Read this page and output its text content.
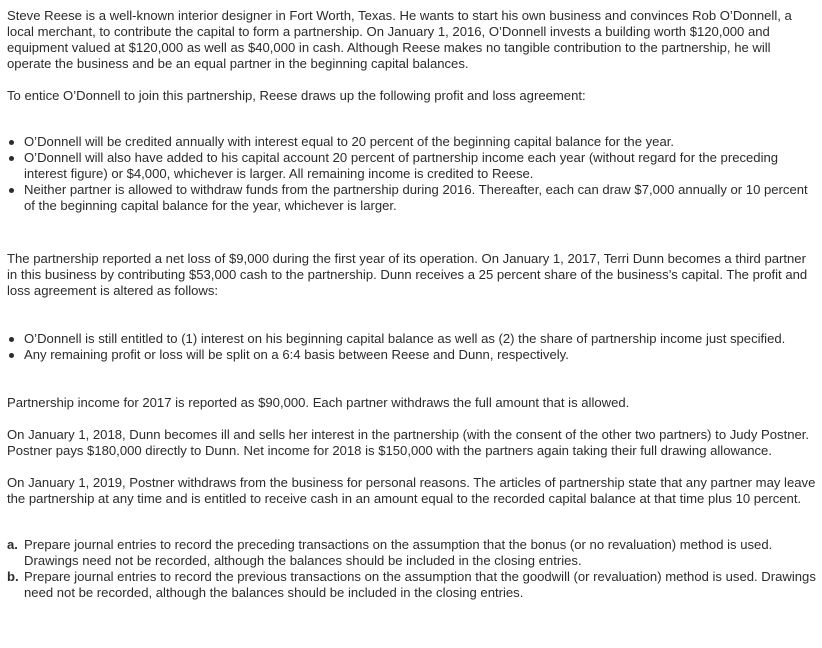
Steve Reese is a well-known interior designer in Fort Worth, Texas. He wants to start his own business and convinces Rob O’Donnell, a local merchant, to contribute the capital to form a partnership. On January 1, 2016, O’Donnell invests a building worth $120,000 and equipment valued at $120,000 as well as $40,000 in cash. Although Reese makes no tangible contribution to the partnership, he will operate the business and be an equal partner in the beginning capital balances.

To entice O’Donnell to join this partnership, Reese draws up the following profit and loss agreement:

O’Donnell will be credited annually with interest equal to 20 percent of the beginning capital balance for the year.
O’Donnell will also have added to his capital account 20 percent of partnership income each year (without regard for the preceding interest figure) or $4,000, whichever is larger. All remaining income is credited to Reese.
Neither partner is allowed to withdraw funds from the partnership during 2016. Thereafter, each can draw $7,000 annually or 10 percent of the beginning capital balance for the year, whichever is larger.

The partnership reported a net loss of $9,000 during the first year of its operation. On January 1, 2017, Terri Dunn becomes a third partner in this business by contributing $53,000 cash to the partnership. Dunn receives a 25 percent share of the business’s capital. The profit and loss agreement is altered as follows:

O’Donnell is still entitled to (1) interest on his beginning capital balance as well as (2) the share of partnership income just specified.
Any remaining profit or loss will be split on a 6:4 basis between Reese and Dunn, respectively.

Partnership income for 2017 is reported as $90,000. Each partner withdraws the full amount that is allowed.

On January 1, 2018, Dunn becomes ill and sells her interest in the partnership (with the consent of the other two partners) to Judy Postner. Postner pays $180,000 directly to Dunn. Net income for 2018 is $150,000 with the partners again taking their full drawing allowance.

On January 1, 2019, Postner withdraws from the business for personal reasons. The articles of partnership state that any partner may leave the partnership at any time and is entitled to receive cash in an amount equal to the recorded capital balance at that time plus 10 percent.

a. Prepare journal entries to record the preceding transactions on the assumption that the bonus (or no revaluation) method is used. Drawings need not be recorded, although the balances should be included in the closing entries.
b. Prepare journal entries to record the previous transactions on the assumption that the goodwill (or revaluation) method is used. Drawings need not be recorded, although the balances should be included in the closing entries.
